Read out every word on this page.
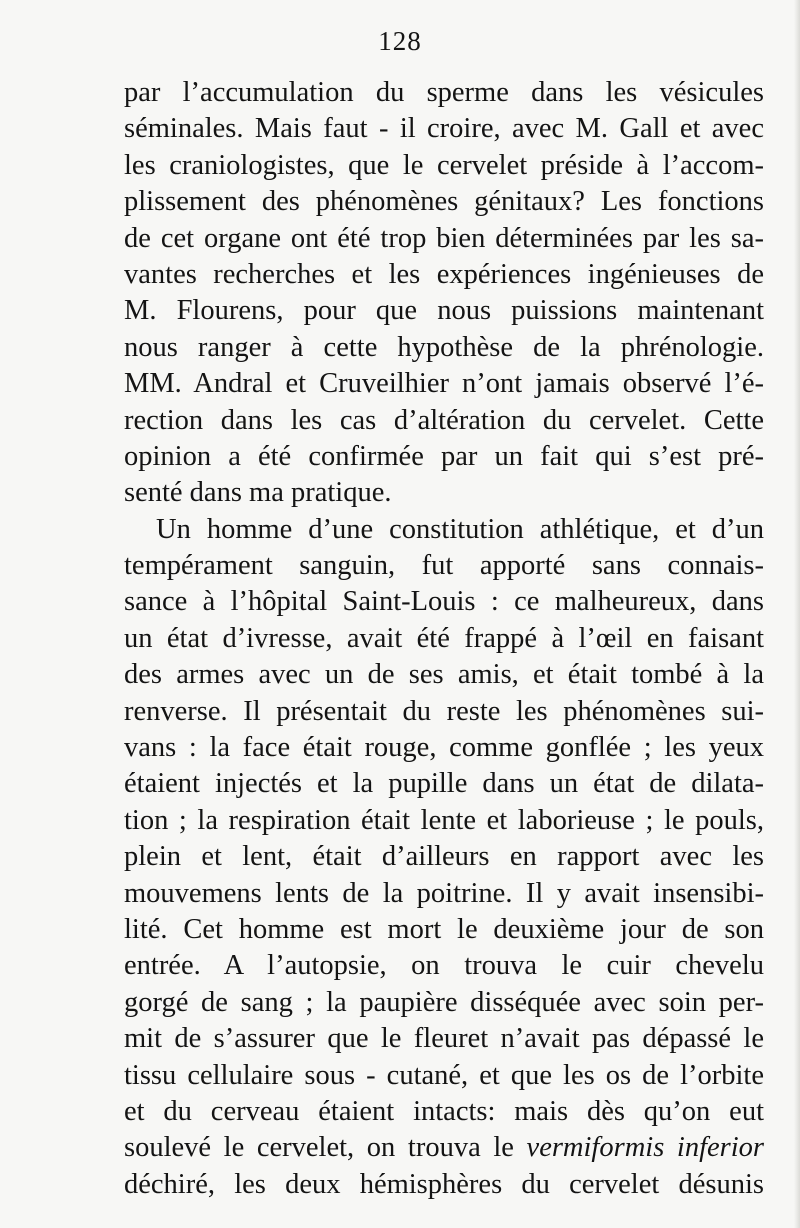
128
par l’accumulation du sperme dans les vésicules
séminales. Mais faut - il croire, avec M. Gall et avec
les craniologistes, que le cervelet préside à l’accom-
plissement des phénomènes génitaux? Les fonctions
de cet organe ont été trop bien déterminées par les sa-
vantes recherches et les expériences ingénieuses de
M. Flourens, pour que nous puissions maintenant
nous ranger à cette hypothèse de la phrénologie.
MM. Andral et Cruveilhier n’ont jamais observé l’é-
rection dans les cas d’altération du cervelet. Cette
opinion a été confirmée par un fait qui s’est pré-
senté dans ma pratique.
Un homme d’une constitution athlétique, et d’un
tempérament sanguin, fut apporté sans connais-
sance à l’hôpital Saint-Louis : ce malheureux, dans
un état d’ivresse, avait été frappé à l’œil en faisant
des armes avec un de ses amis, et était tombé à la
renverse. Il présentait du reste les phénomènes sui-
vans : la face était rouge, comme gonflée ; les yeux
étaient injectés et la pupille dans un état de dilata-
tion ; la respiration était lente et laborieuse ; le pouls,
plein et lent, était d’ailleurs en rapport avec les
mouvemens lents de la poitrine. Il y avait insensibi-
lité. Cet homme est mort le deuxième jour de son
entrée. A l’autopsie, on trouva le cuir chevelu
gorgé de sang ; la paupière disséquée avec soin per-
mit de s’assurer que le fleuret n’avait pas dépassé le
tissu cellulaire sous - cutané, et que les os de l’orbite
et du cerveau étaient intacts: mais dès qu’on eut
soulevé le cervelet, on trouva le vermiformis inferior
déchiré, les deux hémisphères du cervelet désunis
